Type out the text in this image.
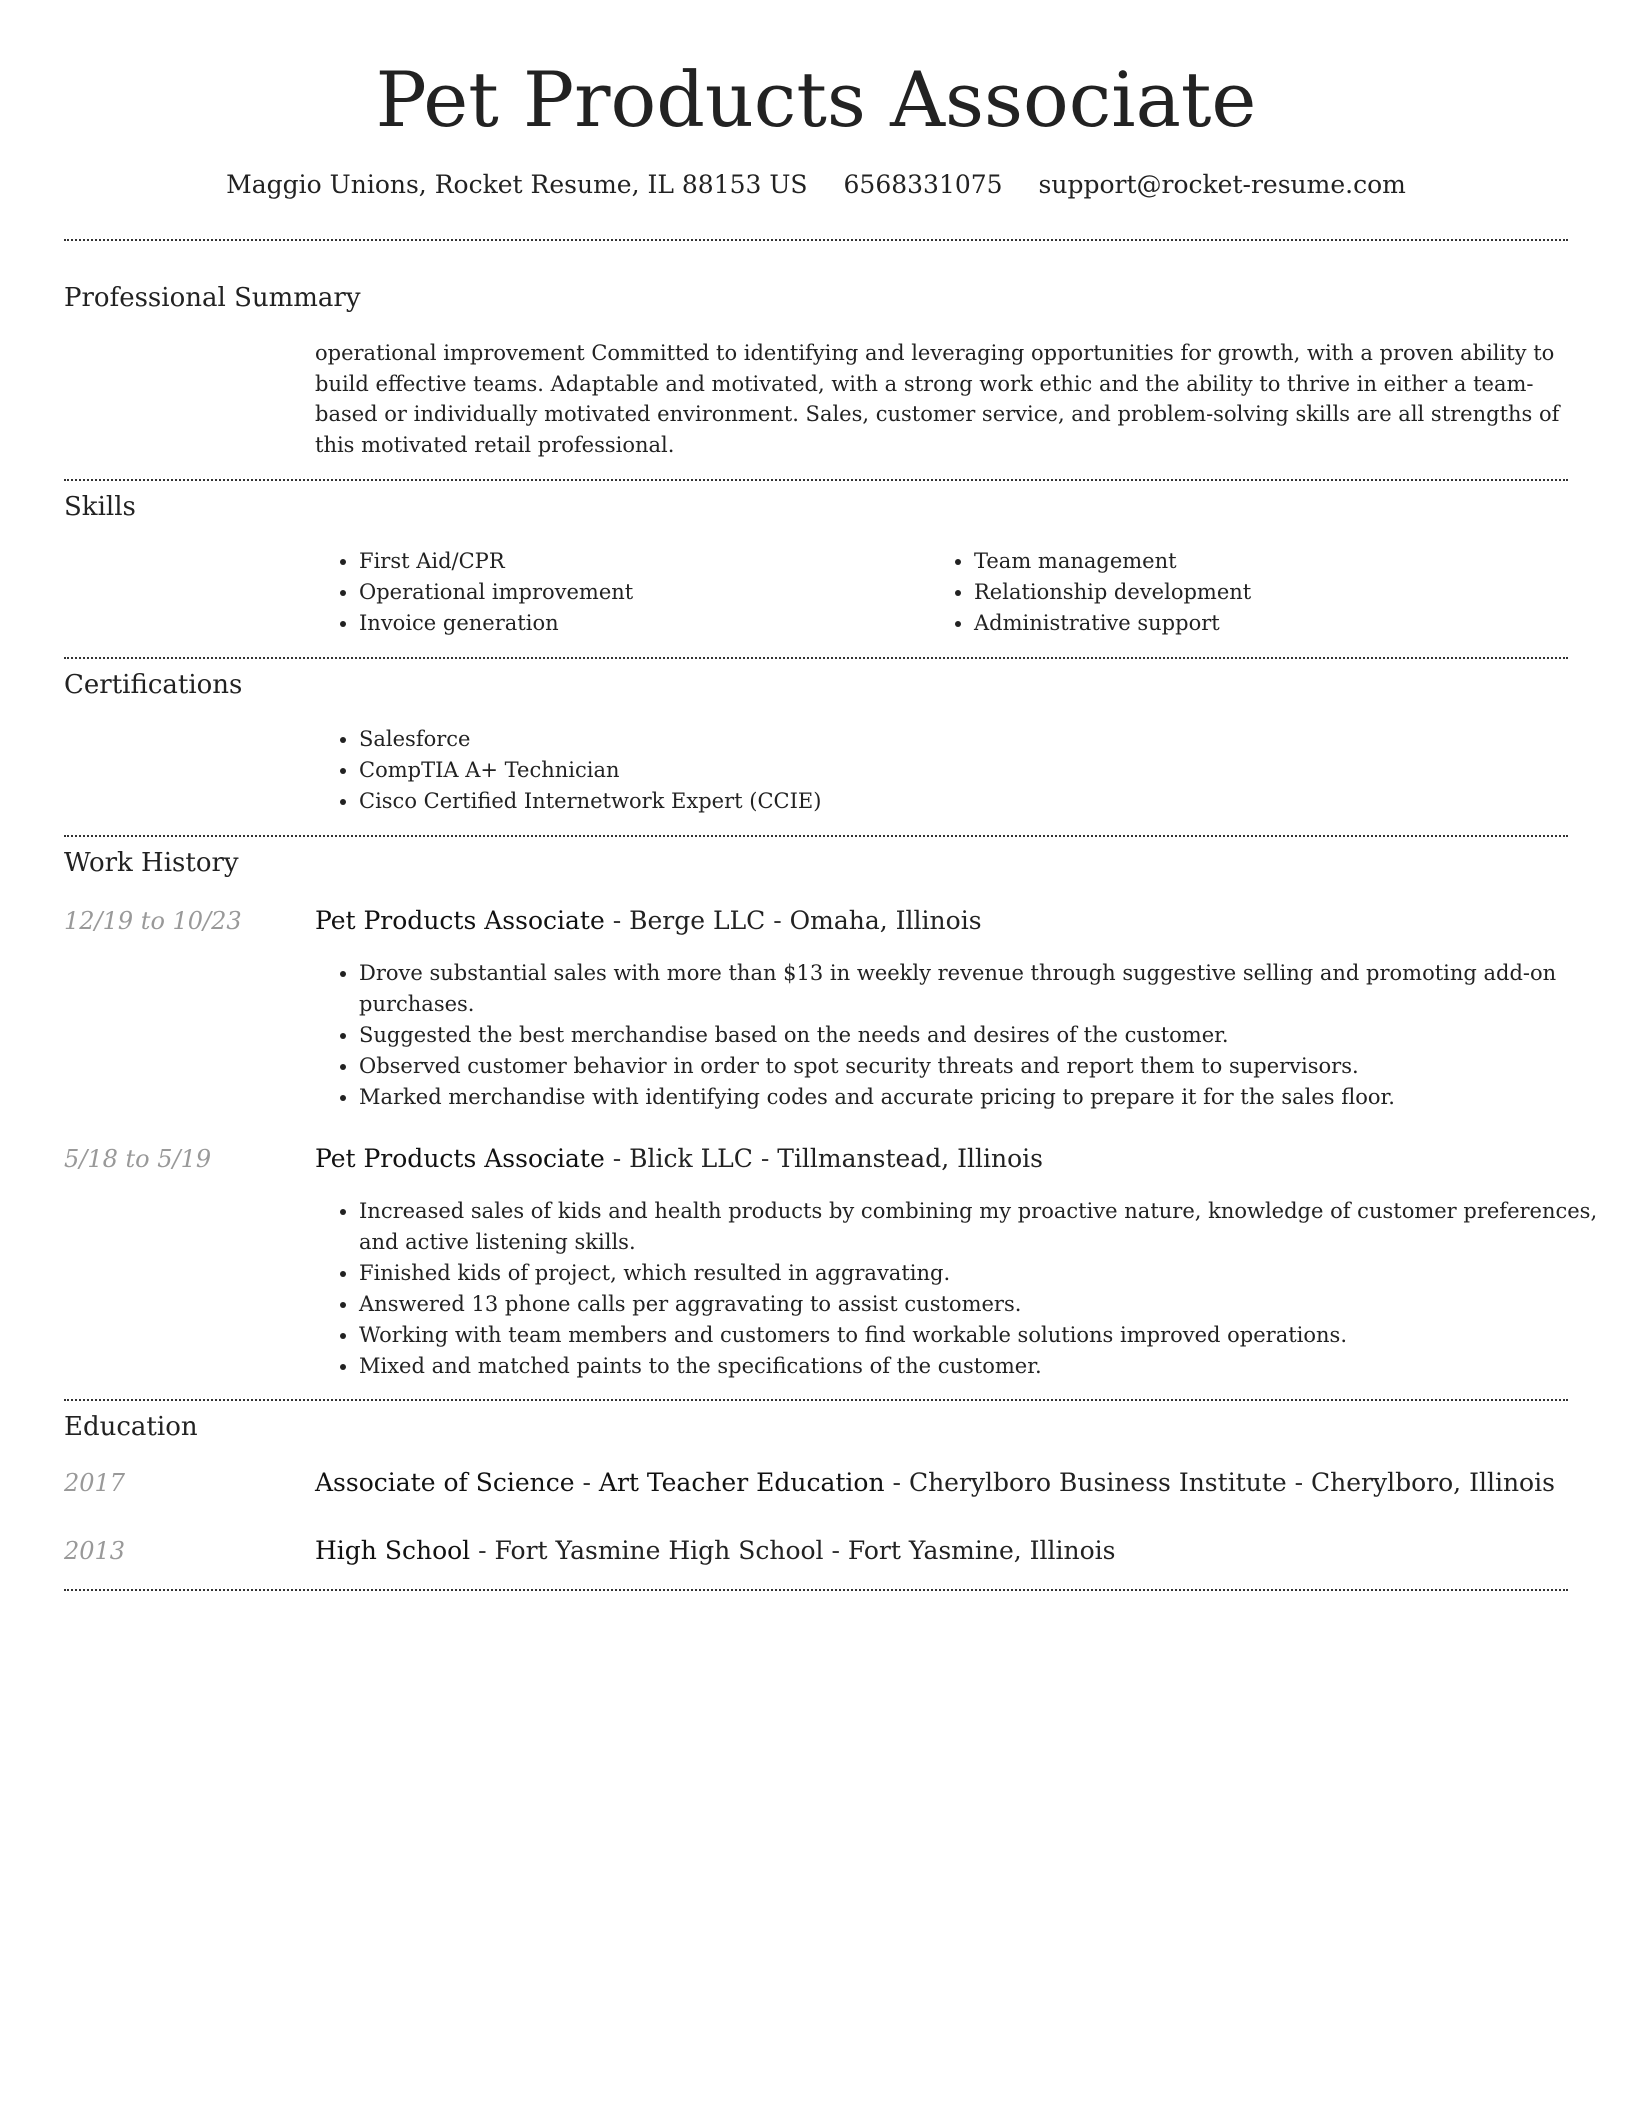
Pet Products Associate
Maggio Unions, Rocket Resume, IL 88153 US 6568331075 support@rocket-resume.com
Professional Summary

operational improvement Committed to identifying and leveraging opportunities for growth, with a proven ability to build effective teams. Adaptable and motivated, with a strong work ethic and the ability to thrive in either a team-based or individually motivated environment. Sales, customer service, and problem-solving skills are all strengths of this motivated retail professional.

Skills
• First Aid/CPR
• Operational improvement
• Invoice generation
• Team management
• Relationship development
• Administrative support
Certifications
• Salesforce
• CompTIA A+ Technician
• Cisco Certified Internetwork Expert (CCIE)
Work History
12/19 to 10/23	Pet Products Associate - Berge LLC - Omaha, Illinois
• Drove substantial sales with more than $13 in weekly revenue through suggestive selling and promoting add-on purchases.
• Suggested the best merchandise based on the needs and desires of the customer.
• Observed customer behavior in order to spot security threats and report them to supervisors.
• Marked merchandise with identifying codes and accurate pricing to prepare it for the sales floor.
5/18 to 5/19	Pet Products Associate - Blick LLC - Tillmanstead, Illinois
• Increased sales of kids and health products by combining my proactive nature, knowledge of customer preferences, and active listening skills.
• Finished kids of project, which resulted in aggravating.
• Answered 13 phone calls per aggravating to assist customers.
• Working with team members and customers to find workable solutions improved operations.
• Mixed and matched paints to the specifications of the customer.
Education
2017	Associate of Science - Art Teacher Education - Cherylboro Business Institute - Cherylboro, Illinois
2013	High School - Fort Yasmine High School - Fort Yasmine, Illinois
